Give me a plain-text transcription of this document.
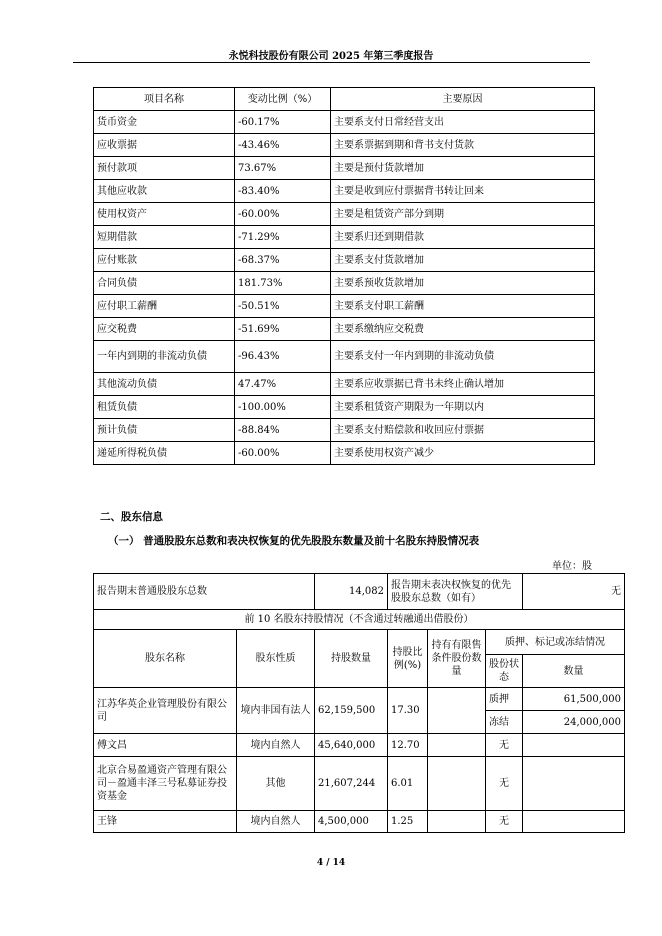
永悦科技股份有限公司 2025 年第三季度报告
项目名称	变动比例（%）	主要原因
货币资金	-60.17%	主要系支付日常经营支出
应收票据	-43.46%	主要系票据到期和背书支付货款
预付款项	73.67%	主要是预付货款增加
其他应收款	-83.40%	主要是收到应付票据背书转让回来
使用权资产	-60.00%	主要是租赁资产部分到期
短期借款	-71.29%	主要系归还到期借款
应付账款	-68.37%	主要系支付货款增加
合同负债	181.73%	主要系预收货款增加
应付职工薪酬	-50.51%	主要系支付职工薪酬
应交税费	-51.69%	主要系缴纳应交税费
一年内到期的非流动负债	-96.43%	主要系支付一年内到期的非流动负债
其他流动负债	47.47%	主要系应收票据已背书未终止确认增加
租赁负债	-100.00%	主要系租赁资产期限为一年期以内
预计负债	-88.84%	主要系支付赔偿款和收回应付票据
递延所得税负债	-60.00%	主要系使用权资产减少
二、股东信息
（一） 普通股股东总数和表决权恢复的优先股股东数量及前十名股东持股情况表
单位：股
报告期末普通股股东总数		14,082	报告期末表决权恢复的优先股股东总数（如有）			无
前 10 名股东持股情况（不含通过转融通出借股份）						
股东名称	股东性质	持股数量	持股比例(%)	持有有限售条件股份数量	质押、标记或冻结情况	
					股份状态	数量
江苏华英企业管理股份有限公司	境内非国有法人	62,159,500	17.30		质押	61,500,000
					冻结	24,000,000
傅文昌	境内自然人	45,640,000	12.70		无	
北京合易盈通资产管理有限公司－盈通丰泽三号私募证券投资基金	其他	21,607,244	6.01		无	
王锋	境内自然人	4,500,000	1.25		无	
4 / 14
